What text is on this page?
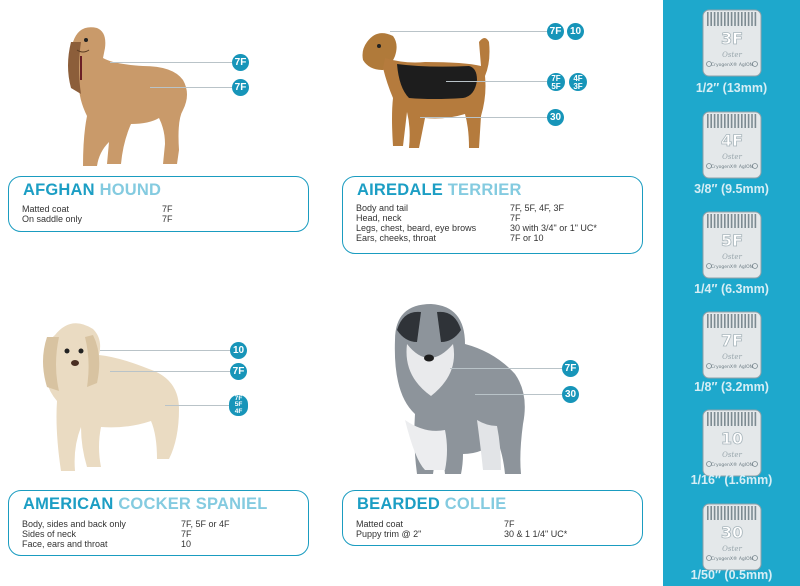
7F
7F
AFGHAN HOUND
Matted coat	7F
On saddle only	7F
7F 10
7F
5F
4F
3F
30
AIREDALE TERRIER
Body and tail	7F, 5F, 4F, 3F
Head, neck	7F
Legs, chest, beard, eye brows	30 with 3/4" or 1" UC*
Ears, cheeks, throat	7F or 10
10
7F
7F
5F
4F
AMERICAN COCKER SPANIEL
Body, sides and back only	7F, 5F or 4F
Sides of neck	7F
Face, ears and throat	10
7F
30
BEARDED COLLIE
Matted coat	7F
Puppy trim @ 2"	30 & 1 1/4" UC*
3F
Oster
CryogenX® AgION
1/2″ (13mm)
4F
Oster
CryogenX® AgION
3/8″ (9.5mm)
5F
Oster
CryogenX® AgION
1/4″ (6.3mm)
7F
Oster
CryogenX® AgION
1/8″ (3.2mm)
10
Oster
CryogenX® AgION
1/16″ (1.6mm)
30
Oster
CryogenX® AgION
1/50″ (0.5mm)
